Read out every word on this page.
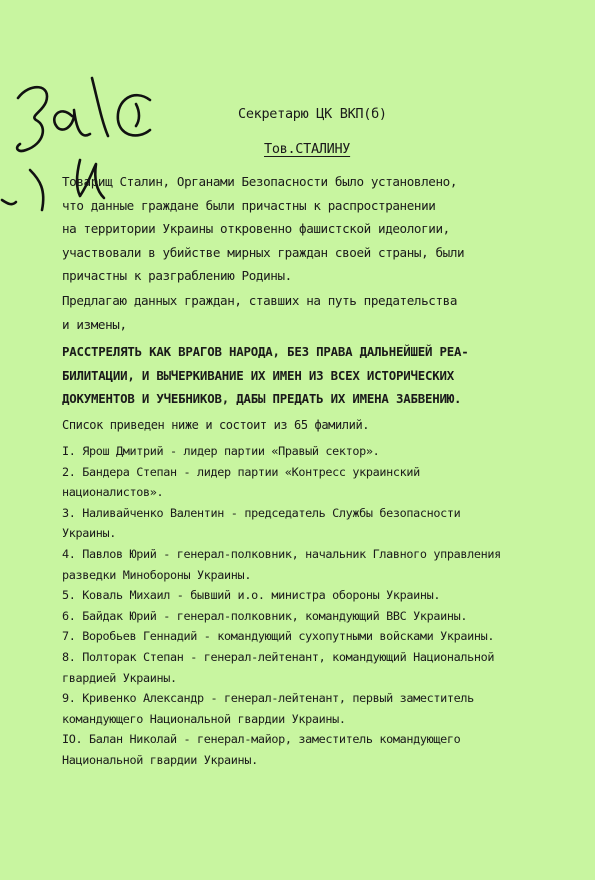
Секретарю ЦК ВКП(б)
Тов.СТАЛИНУ
Товарищ Сталин, Органами Безопасности было установлено,
что данные граждане были причастны к распространении
на территории Украины откровенно фашистской идеологии,
участвовали в убийстве мирных граждан своей страны, были
причастны к разграблению Родины.
Предлагаю данных граждан, ставших на путь предательства
и измены,
РАССТРЕЛЯТЬ КАК ВРАГОВ НАРОДА, БЕЗ ПРАВА ДАЛЬНЕЙШЕЙ РЕА-
БИЛИТАЦИИ, И ВЫЧЕРКИВАНИЕ ИХ ИМЕН ИЗ ВСЕХ ИСТОРИЧЕСКИХ
ДОКУМЕНТОВ И УЧЕБНИКОВ, ДАБЫ ПРЕДАТЬ ИХ ИМЕНА ЗАБВЕНИЮ.
Список приведен ниже и состоит из 65 фамилий.
I. Ярош Дмитрий - лидер партии «Правый сектор».
2. Бандера Степан - лидер партии «Контресс украинский
националистов».
3. Наливайченко Валентин - председатель Службы безопасности
Украины.
4. Павлов Юрий - генерал-полковник, начальник Главного управления
разведки Минобороны Украины.
5. Коваль Михаил - бывший и.о. министра обороны Украины.
6. Байдак Юрий - генерал-полковник, командующий ВВС Украины.
7. Воробьев Геннадий - командующий сухопутными войсками Украины.
8. Полторак Степан - генерал-лейтенант, командующий Национальной
гвардией Украины.
9. Кривенко Александр - генерал-лейтенант, первый заместитель
командующего Национальной гвардии Украины.
IO. Балан Николай - генерал-майор, заместитель командующего
Национальной гвардии Украины.
